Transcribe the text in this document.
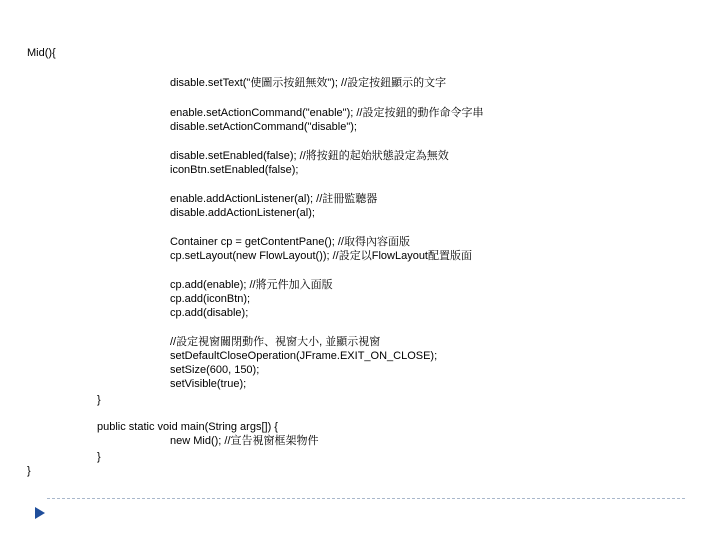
Mid(){
disable.setText("使圖示按鈕無效"); //設定按鈕顯示的文字
enable.setActionCommand("enable"); //設定按鈕的動作命令字串
disable.setActionCommand("disable");
disable.setEnabled(false); //將按鈕的起始狀態設定為無效
iconBtn.setEnabled(false);
enable.addActionListener(al); //註冊監聽器
disable.addActionListener(al);
Container cp = getContentPane(); //取得內容面版
cp.setLayout(new FlowLayout()); //設定以FlowLayout配置版面
cp.add(enable); //將元件加入面版
cp.add(iconBtn);
cp.add(disable);
//設定視窗關閉動作、視窗大小, 並顯示視窗
setDefaultCloseOperation(JFrame.EXIT_ON_CLOSE);
setSize(600, 150);
setVisible(true);
}
public static void main(String args[]) {
new Mid(); //宣告視窗框架物件
}
}
